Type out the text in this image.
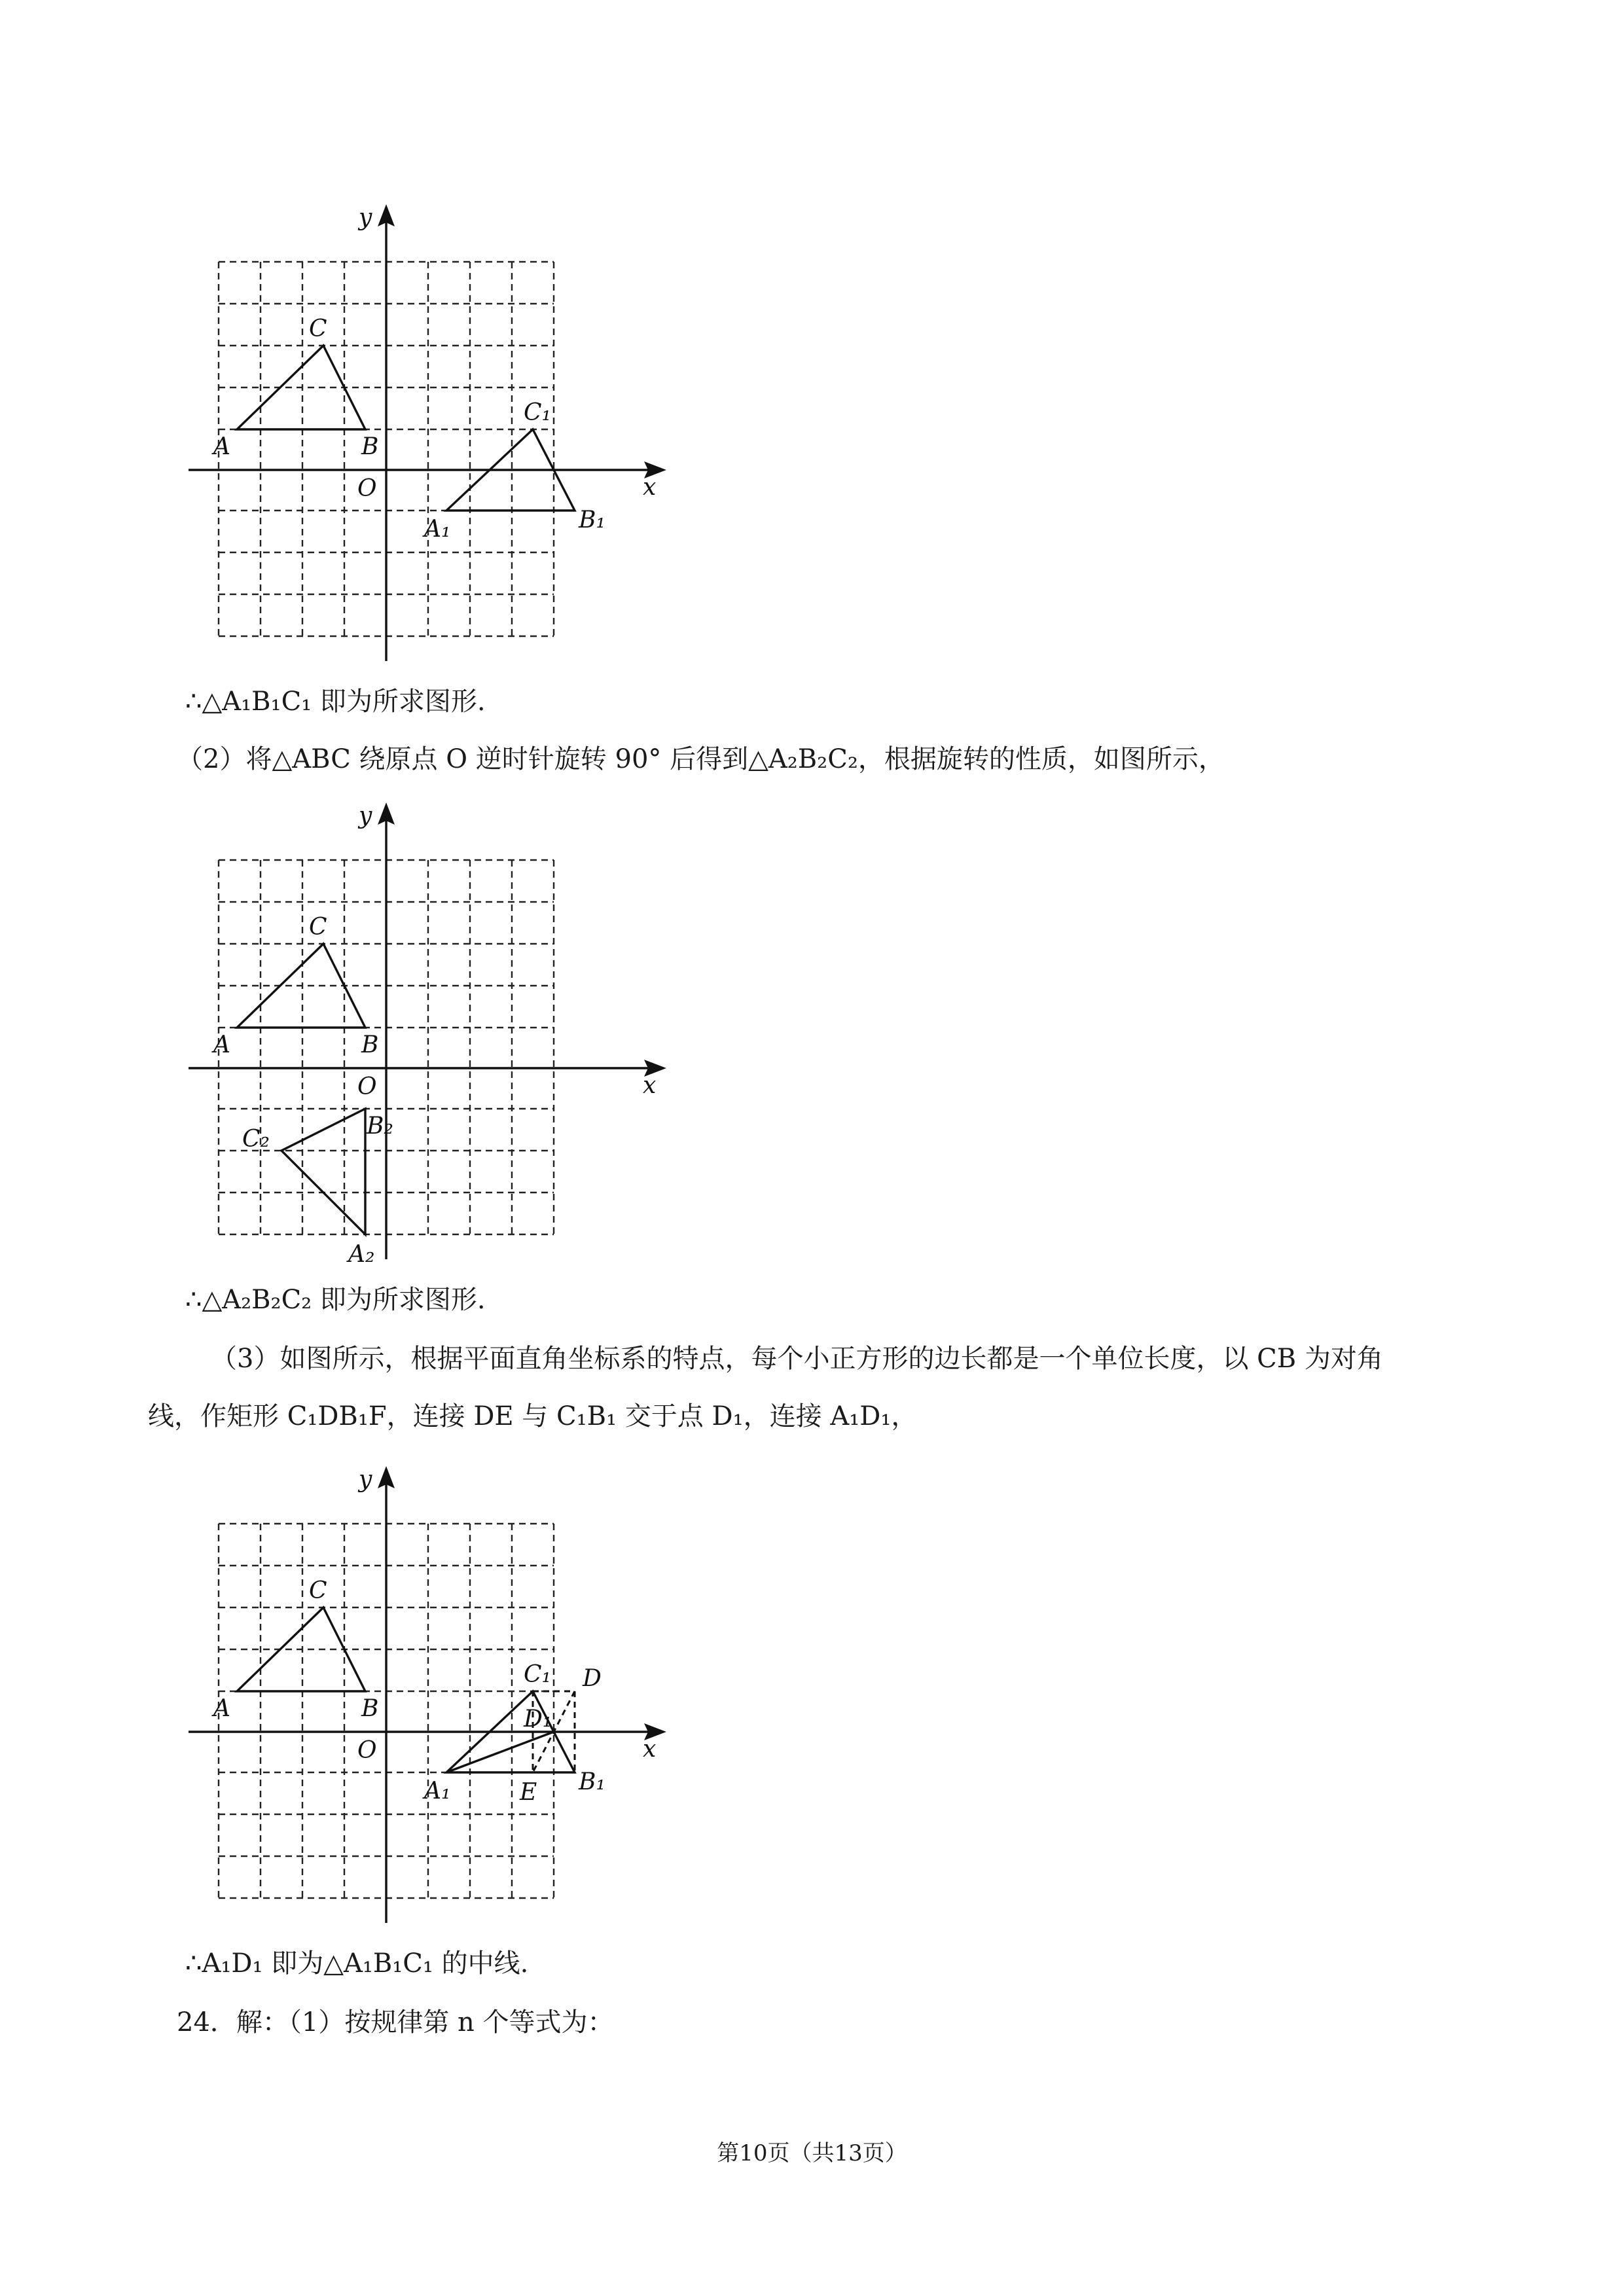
y
x
O
A	B
C
C₁
A₁	B₁
∴△A₁B₁C₁ 即为所求图形.
（2）将△ABC 绕原点 O 逆时针旋转 90° 后得到△A₂B₂C₂，根据旋转的性质，如图所示，
y
x
O
A	B
C
B₂
C₂
A₂
∴△A₂B₂C₂ 即为所求图形.
（3）如图所示，根据平面直角坐标系的特点，每个小正方形的边长都是一个单位长度，以 CB 为对角
线，作矩形 C₁DB₁F，连接 DE 与 C₁B₁ 交于点 D₁，连接 A₁D₁，
y
x
O
A	B
C
C₁ D
D₁
A₁	E B₁
∴A₁D₁ 即为△A₁B₁C₁ 的中线.
24．解：（1）按规律第 n 个等式为：
第10页（共13页）
